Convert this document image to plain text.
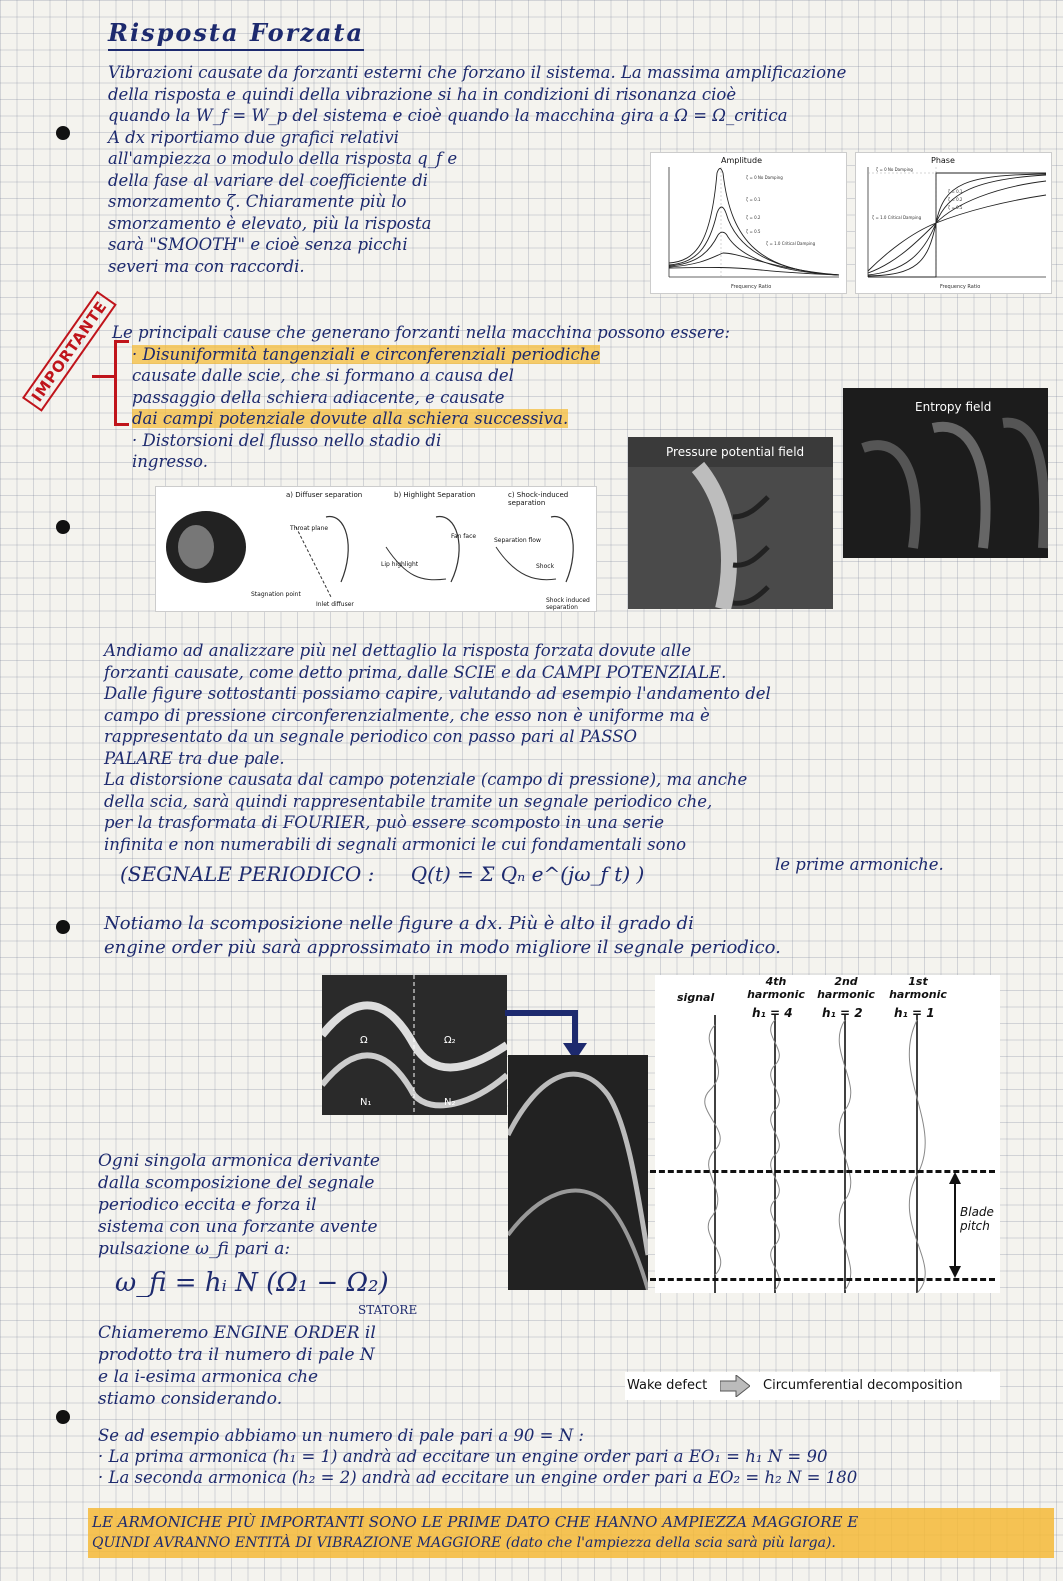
Risposta Forzata

Vibrazioni causate da forzanti esterni che forzano il sistema. La massima amplificazione

della risposta e quindi della vibrazione si ha in condizioni di risonanza cioè

quando la W_f = W_p del sistema e cioè quando la macchina gira a Ω = Ω_critica

A dx riportiamo due grafici relativi

all'ampiezza o modulo della risposta q_f e

della fase al variare del coefficiente di

smorzamento ζ. Chiaramente più lo

smorzamento è elevato, più la risposta

sarà "SMOOTH" e cioè senza picchi

severi ma con raccordi.

Amplitude
ζ = 0 No Damping
ζ = 0.1
ζ = 0.2
ζ = 0.5
ζ = 1.0 Critical Damping
Frequency Ratio
Phase
ζ = 0 No Damping
ζ = 0.1
ζ = 0.2
ζ = 0.5
ζ = 1.0 Critical Damping
Frequency Ratio
IMPORTANTE Le principali cause che generano forzanti nella macchina possono essere:

· Disuniformità tangenziali e circonferenziali periodiche

causate dalle scie, che si formano a causa del

passaggio della schiera adiacente, e causate

dai campi potenziale dovute alla schiera successiva.

· Distorsioni del flusso nello stadio di

ingresso.

Entropy field
Pressure potential field
a) Diffuser separation	b) Highlight Separation	c) Shock-induced separation
Throat plane
Stagnation point
Inlet diffuser
Lip highlight
Fan face
Separation flow
Shock
Shock induced separation

Andiamo ad analizzare più nel dettaglio la risposta forzata dovute alle

forzanti causate, come detto prima, dalle SCIE e da CAMPI POTENZIALE.

Dalle figure sottostanti possiamo capire, valutando ad esempio l'andamento del

campo di pressione circonferenzialmente, che esso non è uniforme ma è

rappresentato da un segnale periodico con passo pari al PASSO

PALARE tra due pale.

La distorsione causata dal campo potenziale (campo di pressione), ma anche

della scia, sarà quindi rappresentabile tramite un segnale periodico che,

per la trasformata di FOURIER, può essere scomposto in una serie

infinita e non numerabili di segnali armonici le cui fondamentali sono

(SEGNALE PERIODICO : Q(t) = Σ Qₙ e^(jω_f t) )	le prime armoniche.

Notiamo la scomposizione nelle figure a dx. Più è alto il grado di

engine order più sarà approssimato in modo migliore il segnale periodico.

Ω	Ω₂
N₁	N₂
signal
4th harmonic
2nd harmonic
1st harmonic
h₁ = 4 h₁ = 2	h₁ = 1
Blade pitch
Wake defect	Circumferential decomposition

Ogni singola armonica derivante

dalla scomposizione del segnale

periodico eccita e forza il

sistema con una forzante avente

pulsazione ω_fi pari a:

ω_fi = hᵢ N (Ω₁ − Ω₂)
STATORE

Chiameremo ENGINE ORDER il

prodotto tra il numero di pale N

e la i-esima armonica che

stiamo considerando.

Se ad esempio abbiamo un numero di pale pari a 90 = N :

· La prima armonica (h₁ = 1) andrà ad eccitare un engine order pari a EO₁ = h₁ N = 90

· La seconda armonica (h₂ = 2) andrà ad eccitare un engine order pari a EO₂ = h₂ N = 180

LE ARMONICHE PIÙ IMPORTANTI SONO LE PRIME DATO CHE HANNO AMPIEZZA MAGGIORE E
QUINDI AVRANNO ENTITÀ DI VIBRAZIONE MAGGIORE (dato che l'ampiezza della scia sarà più larga).
